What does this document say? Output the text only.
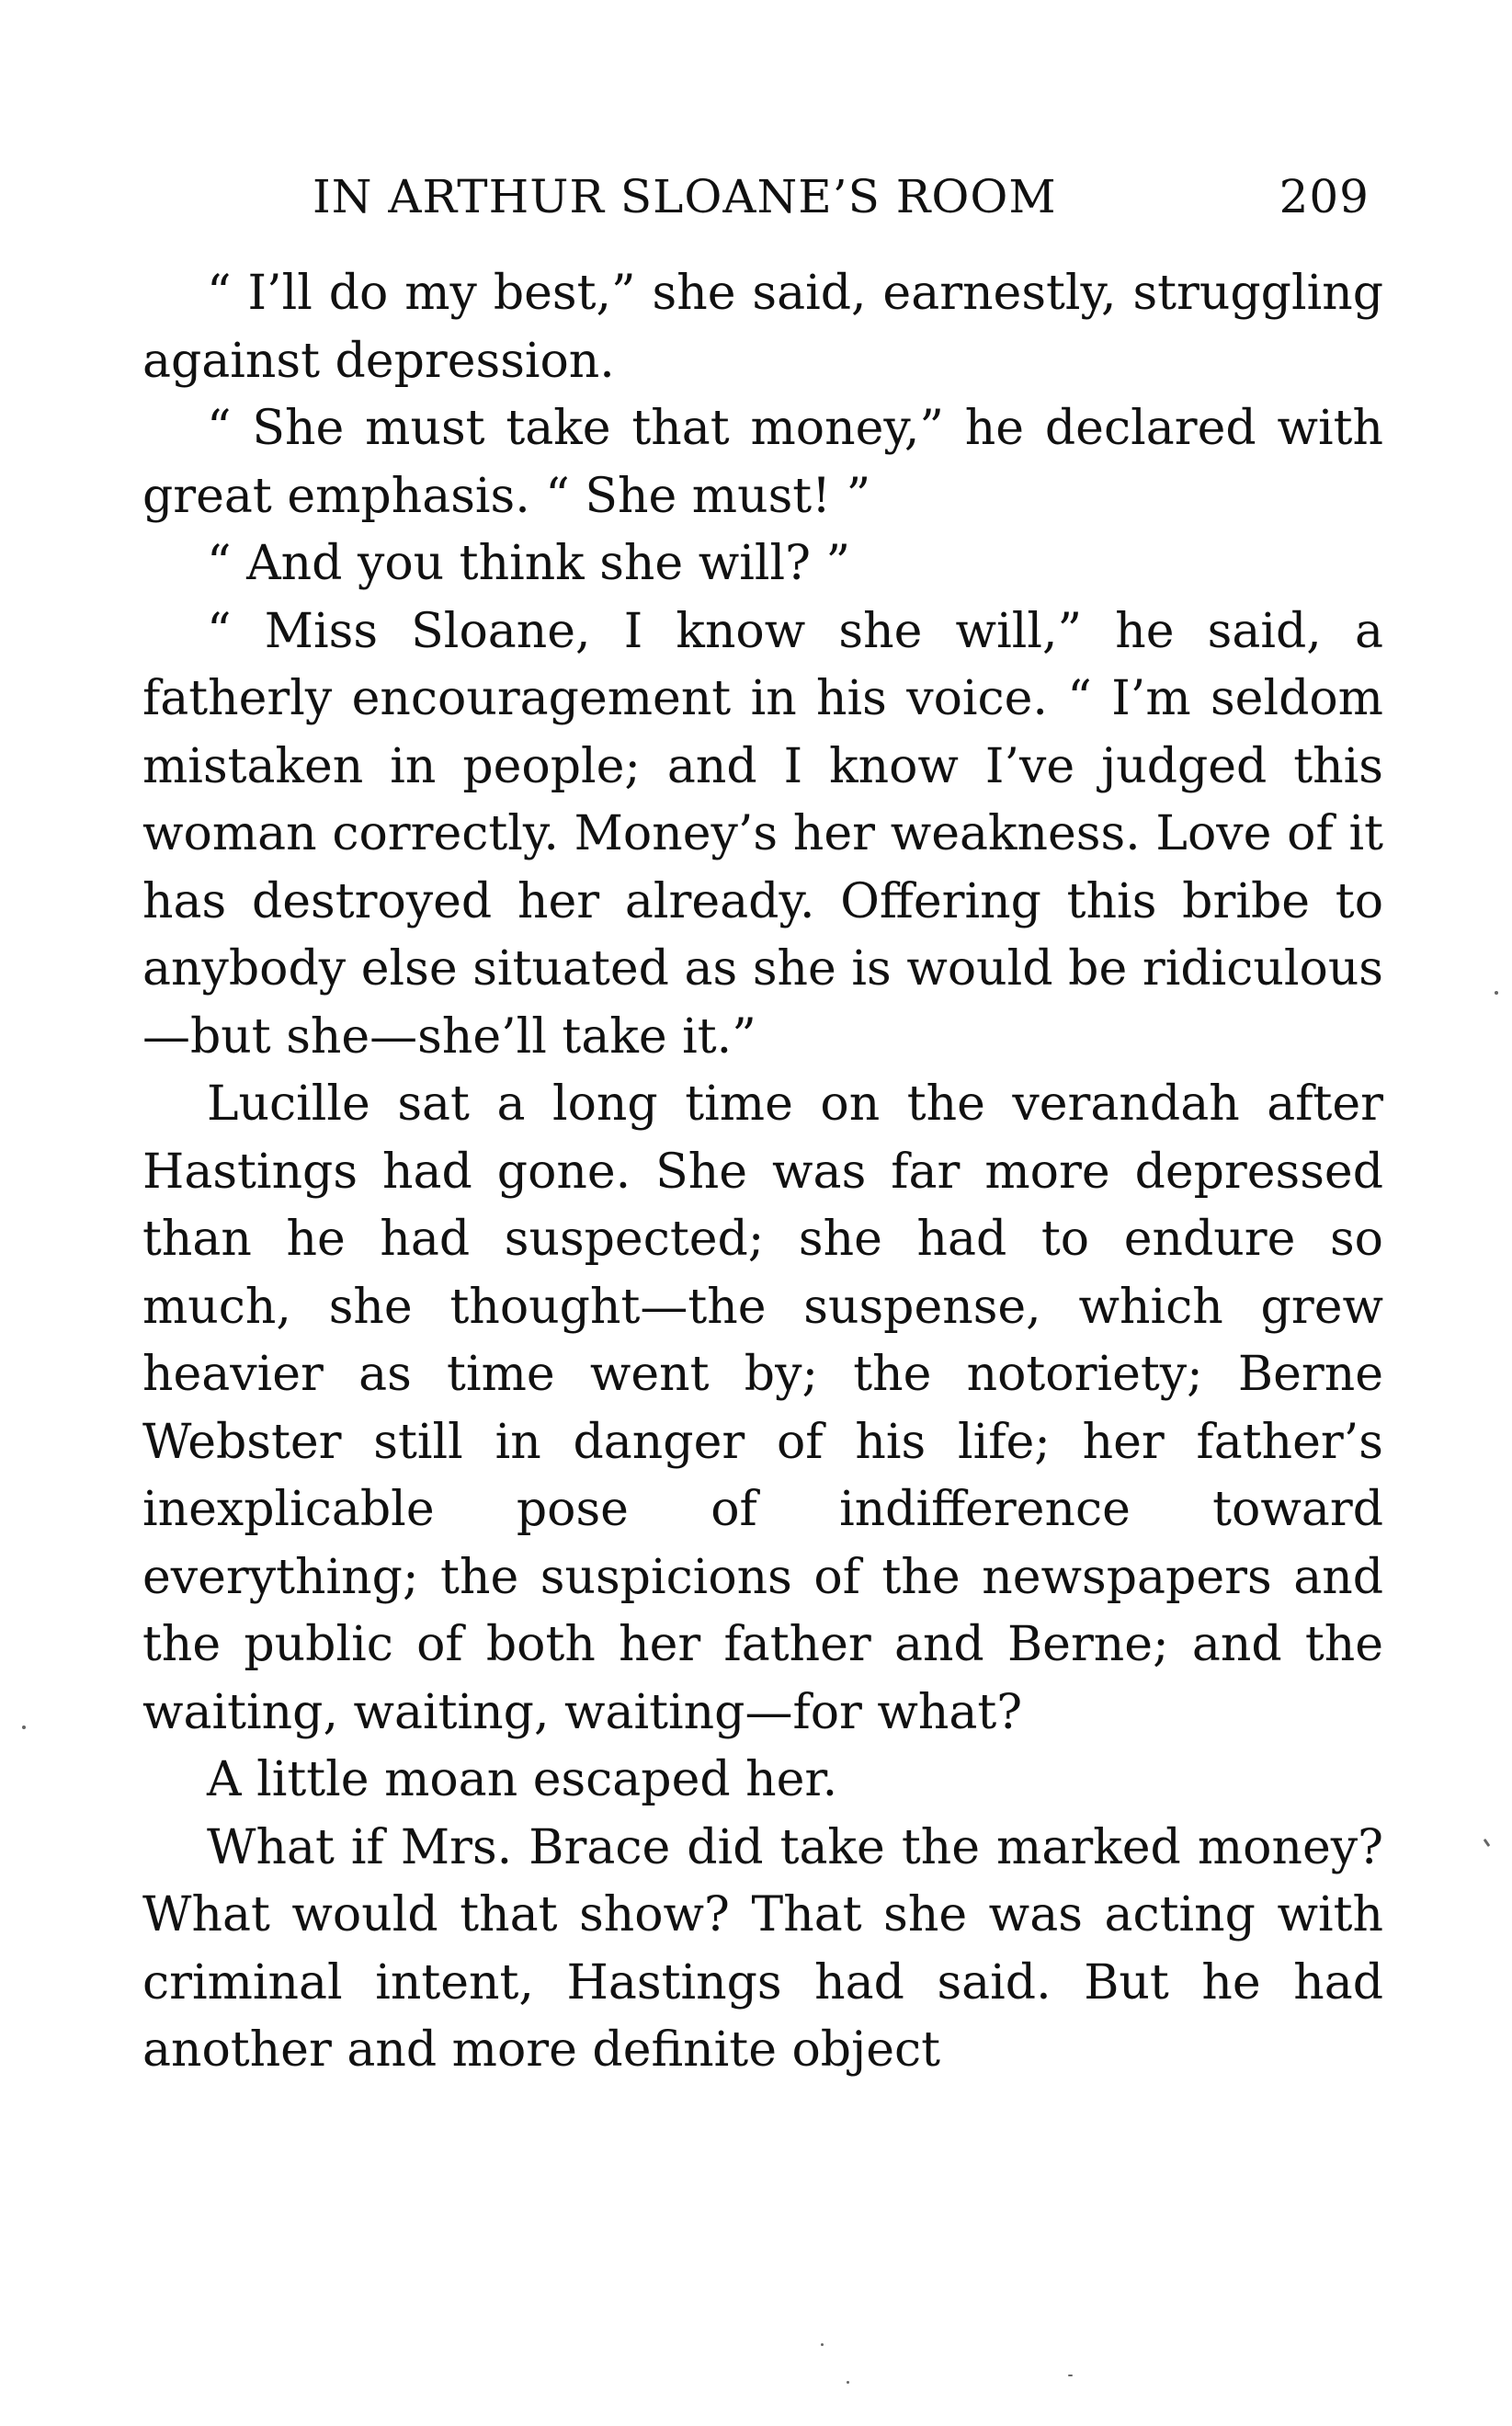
IN ARTHUR SLOANE’S ROOM	209

“ I’ll do my best,” she said, earnestly, struggling against depression.

“ She must take that money,” he declared with great emphasis. “ She must! ”

“ And you think she will? ”

“ Miss Sloane, I know she will,” he said, a fatherly encouragement in his voice. “ I’m seldom mistaken in people; and I know I’ve judged this woman correctly. Money’s her weakness. Love of it has destroyed her already. Offering this bribe to anybody else situated as she is would be ridiculous—but she—she’ll take it.”

Lucille sat a long time on the verandah after Hastings had gone. She was far more depressed than he had suspected; she had to endure so much, she thought—the suspense, which grew heavier as time went by; the notoriety; Berne Webster still in danger of his life; her father’s inexplicable pose of indifference toward everything; the suspicions of the newspapers and the public of both her father and Berne; and the waiting, waiting, waiting—for what?

A little moan escaped her.

What if Mrs. Brace did take the marked money? What would that show? That she was acting with criminal intent, Hastings had said. But he had another and more definite object
